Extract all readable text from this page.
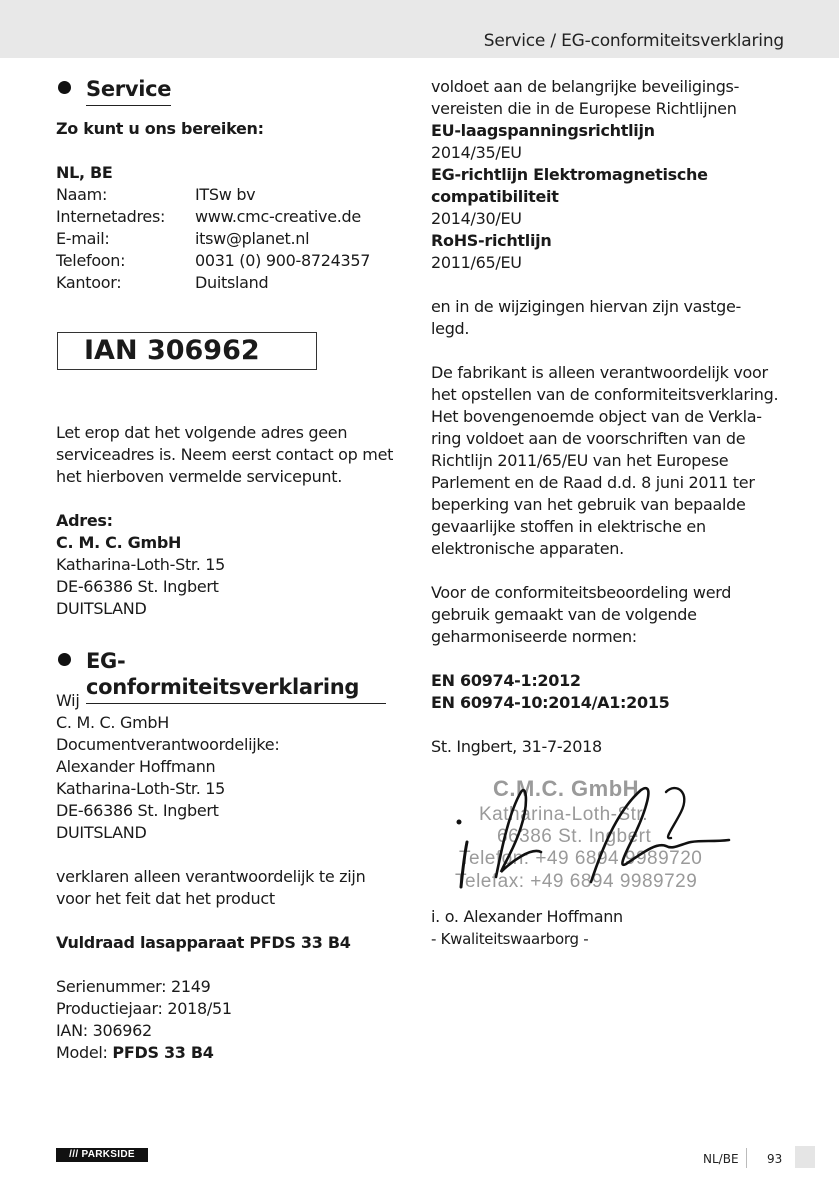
Service / EG-conformiteitsverklaring
Service
Zo kunt u ons bereiken:
NL, BE
Naam:	ITSw bv
Internetadres:	www.cmc-creative.de
E-mail:	itsw@planet.nl
Telefoon:	0031 (0) 900-8724357
Kantoor:	Duitsland
IAN 306962
Let erop dat het volgende adres geen
serviceadres is. Neem eerst contact op met
het hierboven vermelde servicepunt.
Adres:
C. M. C. GmbH
Katharina-Loth-Str. 15
DE-66386 St. Ingbert
DUITSLAND
EG-conformiteitsverklaring
Wij
C. M. C. GmbH
Documentverantwoordelijke:
Alexander Hoffmann
Katharina-Loth-Str. 15
DE-66386 St. Ingbert
DUITSLAND
verklaren alleen verantwoordelijk te zijn
voor het feit dat het product
Vuldraad lasapparaat PFDS 33 B4
Serienummer: 2149
Productiejaar: 2018/51
IAN: 306962
Model: PFDS 33 B4
voldoet aan de belangrijke beveiligings-
vereisten die in de Europese Richtlijnen
EU-laagspanningsrichtlijn
2014/35/EU
EG-richtlijn Elektromagnetische
compatibiliteit
2014/30/EU
RoHS-richtlijn
2011/65/EU
en in de wijzigingen hiervan zijn vastge-
legd.
De fabrikant is alleen verantwoordelijk voor
het opstellen van de conformiteitsverklaring.
Het bovengenoemde object van de Verkla-
ring voldoet aan de voorschriften van de
Richtlijn 2011/65/EU van het Europese
Parlement en de Raad d.d. 8 juni 2011 ter
beperking van het gebruik van bepaalde
gevaarlijke stoffen in elektrische en
elektronische apparaten.
Voor de conformiteitsbeoordeling werd
gebruik gemaakt van de volgende
geharmoniseerde normen:
EN 60974-1:2012
EN 60974-10:2014/A1:2015
St. Ingbert, 31-7-2018
C.M.C. GmbH
Katharina-Loth-Str.
66386 St. Ingbert
Telefon: +49 6894 9989720
Telefax: +49 6894 9989729
i. o. Alexander Hoffmann
- Kwaliteitswaarborg -
/// PARKSIDE	NL/BE 93
